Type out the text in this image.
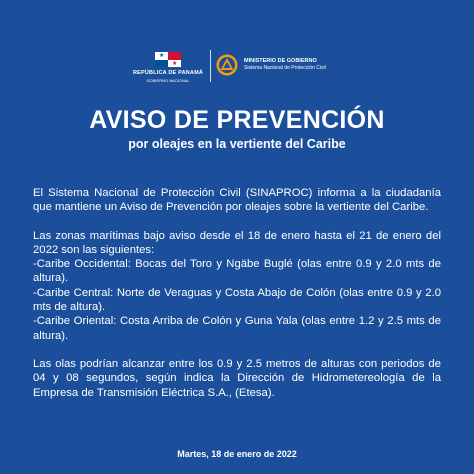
★
★
REPÚBLICA DE PANAMÁ
GOBIERNO NACIONAL
MINISTERIO DE GOBIERNO
Sistema Nacional de Protección Civil
AVISO DE PREVENCIÓN
por oleajes en la vertiente del Caribe

El Sistema Nacional de Protección Civil (SINAPROC) informa a la ciudadanía que mantiene un Aviso de Prevención por oleajes sobre la vertiente del Caribe.

Las zonas marítimas bajo aviso desde el 18 de enero hasta el 21 de enero del 2022 son las siguientes:

-Caribe Occidental: Bocas del Toro y Ngäbe Buglé (olas entre 0.9 y 2.0 mts de altura).

-Caribe Central: Norte de Veraguas y Costa Abajo de Colón (olas entre 0.9 y 2.0 mts de altura).

-Caribe Oriental: Costa Arriba de Colón y Guna Yala (olas entre 1.2 y 2.5 mts de altura).

Las olas podrían alcanzar entre los 0.9 y 2.5 metros de alturas con periodos de 04 y 08 segundos, según indica la Dirección de Hidrometereología de la Empresa de Transmisión Eléctrica S.A., (Etesa).

Martes, 18 de enero de 2022
